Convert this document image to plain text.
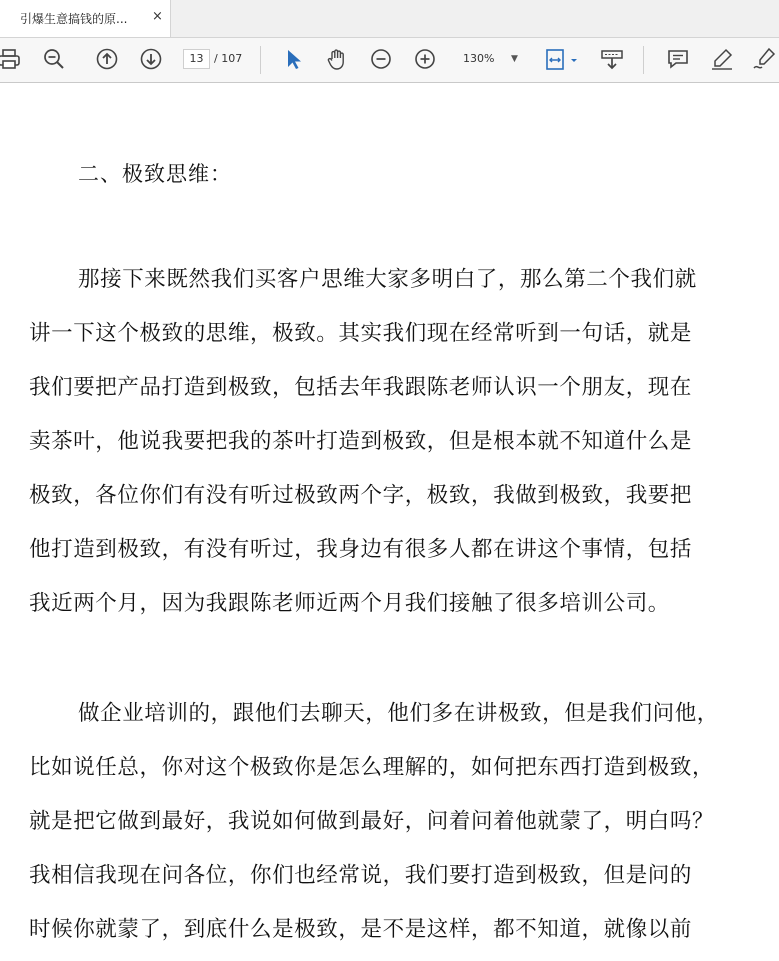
引爆生意搞钱的原... ×
13 / 107	130% ▼
二、极致思维：
那接下来既然我们买客户思维大家多明白了，那么第二个我们就
讲一下这个极致的思维，极致。其实我们现在经常听到一句话，就是
我们要把产品打造到极致，包括去年我跟陈老师认识一个朋友，现在
卖茶叶，他说我要把我的茶叶打造到极致，但是根本就不知道什么是
极致，各位你们有没有听过极致两个字，极致，我做到极致，我要把
他打造到极致，有没有听过，我身边有很多人都在讲这个事情，包括
我近两个月，因为我跟陈老师近两个月我们接触了很多培训公司。
做企业培训的，跟他们去聊天，他们多在讲极致，但是我们问他，
比如说任总，你对这个极致你是怎么理解的，如何把东西打造到极致，
就是把它做到最好，我说如何做到最好，问着问着他就蒙了，明白吗？
我相信我现在问各位，你们也经常说，我们要打造到极致，但是问的
时候你就蒙了，到底什么是极致，是不是这样，都不知道，就像以前
